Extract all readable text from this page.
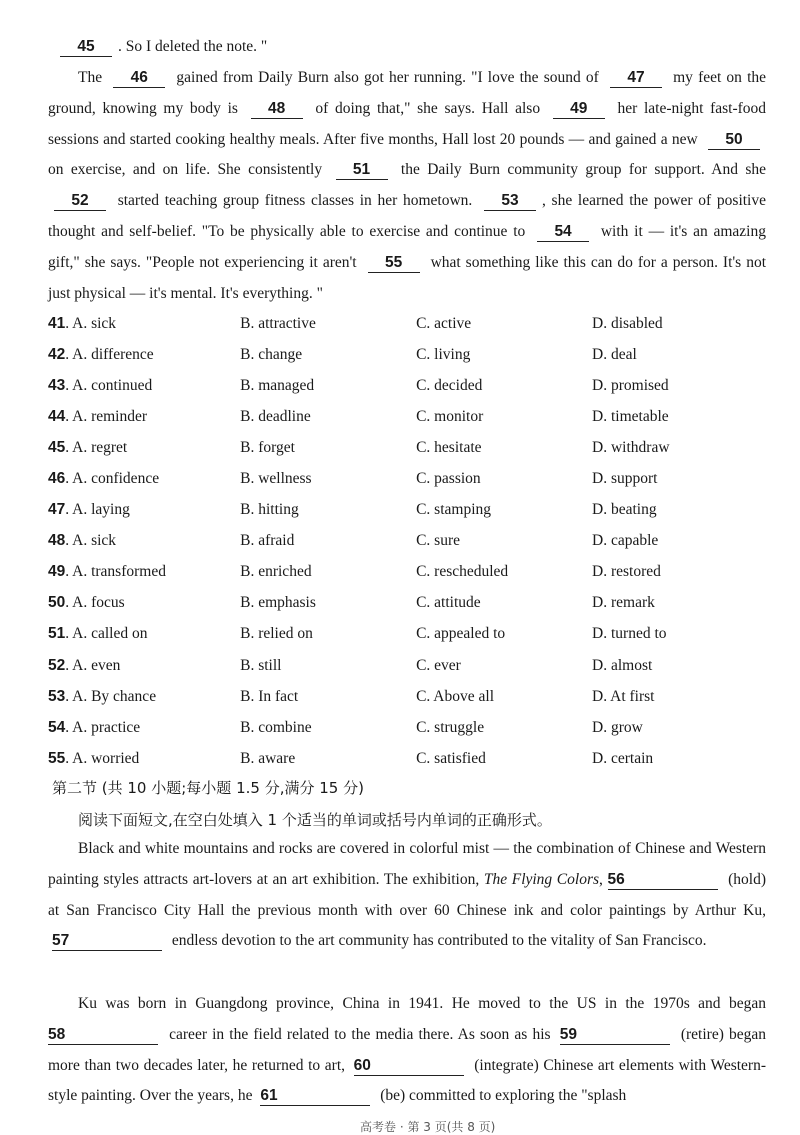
45 . So I deleted the note. "

The 46 gained from Daily Burn also got her running. "I love the sound of 47 my feet on the ground, knowing my body is 48 of doing that," she says. Hall also 49 her late-night fast-food sessions and started cooking healthy meals. After five months, Hall lost 20 pounds — and gained a new 50 on exercise, and on life. She consistently 51 the Daily Burn community group for support. And she 52 started teaching group fitness classes in her hometown. 53 , she learned the power of positive thought and self-belief. "To be physically able to exercise and continue to 54 with it — it's an amazing gift," she says. "People not experiencing it aren't 55 what something like this can do for a person. It's not just physical — it's mental. It's everything. "

41. A. sick	B. attractive	C. active	D. disabled
42. A. difference	B. change	C. living	D. deal
43. A. continued	B. managed	C. decided	D. promised
44. A. reminder	B. deadline	C. monitor	D. timetable
45. A. regret	B. forget	C. hesitate	D. withdraw
46. A. confidence	B. wellness	C. passion	D. support
47. A. laying	B. hitting	C. stamping	D. beating
48. A. sick	B. afraid	C. sure	D. capable
49. A. transformed	B. enriched	C. rescheduled	D. restored
50. A. focus	B. emphasis	C. attitude	D. remark
51. A. called on	B. relied on	C. appealed to	D. turned to
52. A. even	B. still	C. ever	D. almost
53. A. By chance	B. In fact	C. Above all	D. At first
54. A. practice	B. combine	C. struggle	D. grow
55. A. worried	B. aware	C. satisfied	D. certain
第二节 (共 10 小题;每小题 1.5 分,满分 15 分)
阅读下面短文,在空白处填入 1 个适当的单词或括号内单词的正确形式。

Black and white mountains and rocks are covered in colorful mist — the combination of Chinese and Western painting styles attracts art-lovers at an art exhibition. The exhibition, The Flying Colors, 56	(hold) at San Francisco City Hall the previous month with over 60 Chinese ink and color paintings by Arthur Ku, 57	endless devotion to the art community has contributed to the vitality of San Francisco.

Ku was born in Guangdong province, China in 1941. He moved to the US in the 1970s and began 58	career in the field related to the media there. As soon as his 59	(retire) began more than two decades later, he returned to art, 60	(integrate) Chinese art elements with Western-style painting. Over the years, he 61	(be) committed to exploring the "splash

高考卷 · 第 3 页(共 8 页)
